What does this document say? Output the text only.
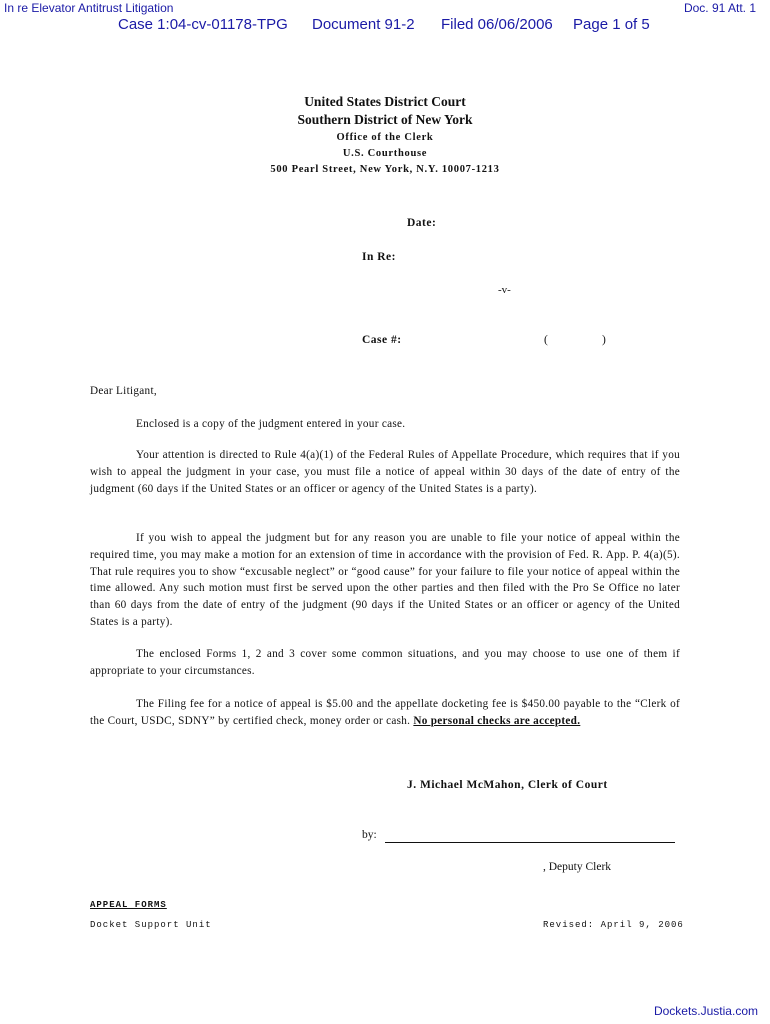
In re Elevator Antitrust Litigation	Doc. 91 Att. 1
Case 1:04-cv-01178-TPG Document 91-2 Filed 06/06/2006 Page 1 of 5
United States District Court
Southern District of New York
Office of the Clerk
U.S. Courthouse
500 Pearl Street, New York, N.Y. 10007-1213
Date:
In Re:
-v-
Case #:	(	)
Dear Litigant,

Enclosed is a copy of the judgment entered in your case.

Your attention is directed to Rule 4(a)(1) of the Federal Rules of Appellate Procedure, which requires that if you wish to appeal the judgment in your case, you must file a notice of appeal within 30 days of the date of entry of the judgment (60 days if the United States or an officer or agency of the United States is a party).

If you wish to appeal the judgment but for any reason you are unable to file your notice of appeal within the required time, you may make a motion for an extension of time in accordance with the provision of Fed. R. App. P. 4(a)(5). That rule requires you to show “excusable neglect” or “good cause” for your failure to file your notice of appeal within the time allowed. Any such motion must first be served upon the other parties and then filed with the Pro Se Office no later than 60 days from the date of entry of the judgment (90 days if the United States or an officer or agency of the United States is a party).

The enclosed Forms 1, 2 and 3 cover some common situations, and you may choose to use one of them if appropriate to your circumstances.

The Filing fee for a notice of appeal is $5.00 and the appellate docketing fee is $450.00 payable to the “Clerk of the Court, USDC, SDNY” by certified check, money order or cash. No personal checks are accepted.

J. Michael McMahon, Clerk of Court
by:
, Deputy Clerk
APPEAL FORMS
Docket Support Unit	Revised: April 9, 2006
Dockets.Justia.com
